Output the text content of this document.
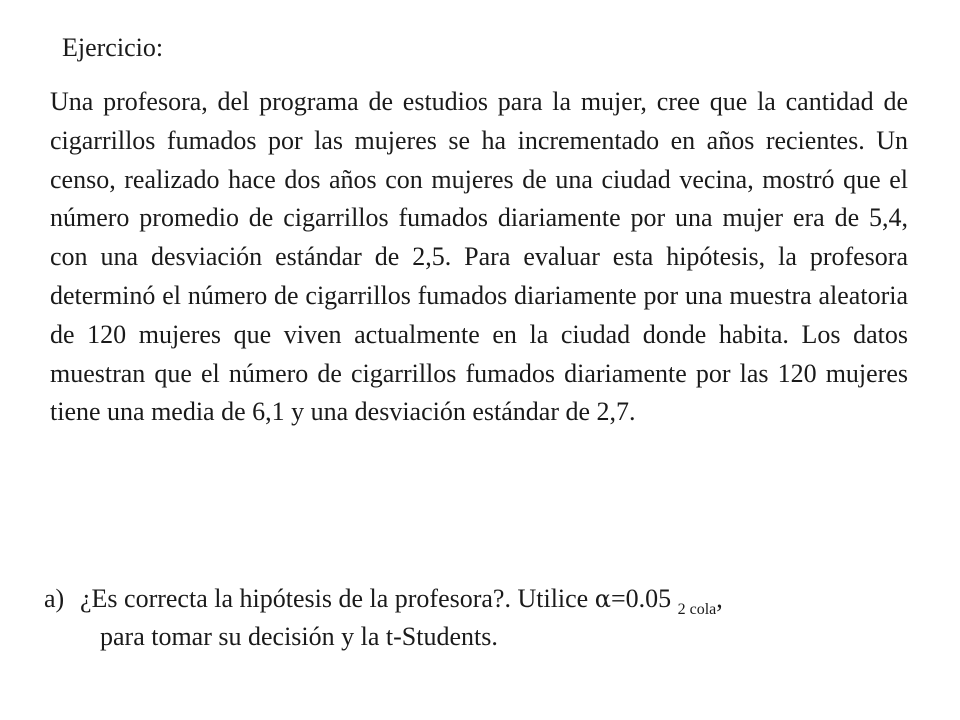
Ejercicio:

Una profesora, del programa de estudios para la mujer, cree que la cantidad de cigarrillos fumados por las mujeres se ha incrementado en años recientes. Un censo, realizado hace dos años con mujeres de una ciudad vecina, mostró que el número promedio de cigarrillos fumados diariamente por una mujer era de 5,4, con una desviación estándar de 2,5. Para evaluar esta hipótesis, la profesora determinó el número de cigarrillos fumados diariamente por una muestra aleatoria de 120 mujeres que viven actualmente en la ciudad donde habita. Los datos muestran que el número de cigarrillos fumados diariamente por las 120 mujeres tiene una media de 6,1 y una desviación estándar de 2,7.

a) ¿Es correcta la hipótesis de la profesora?. Utilice α=0.05 $_{2 cola}$,
para tomar su decisión y la t-Students.
